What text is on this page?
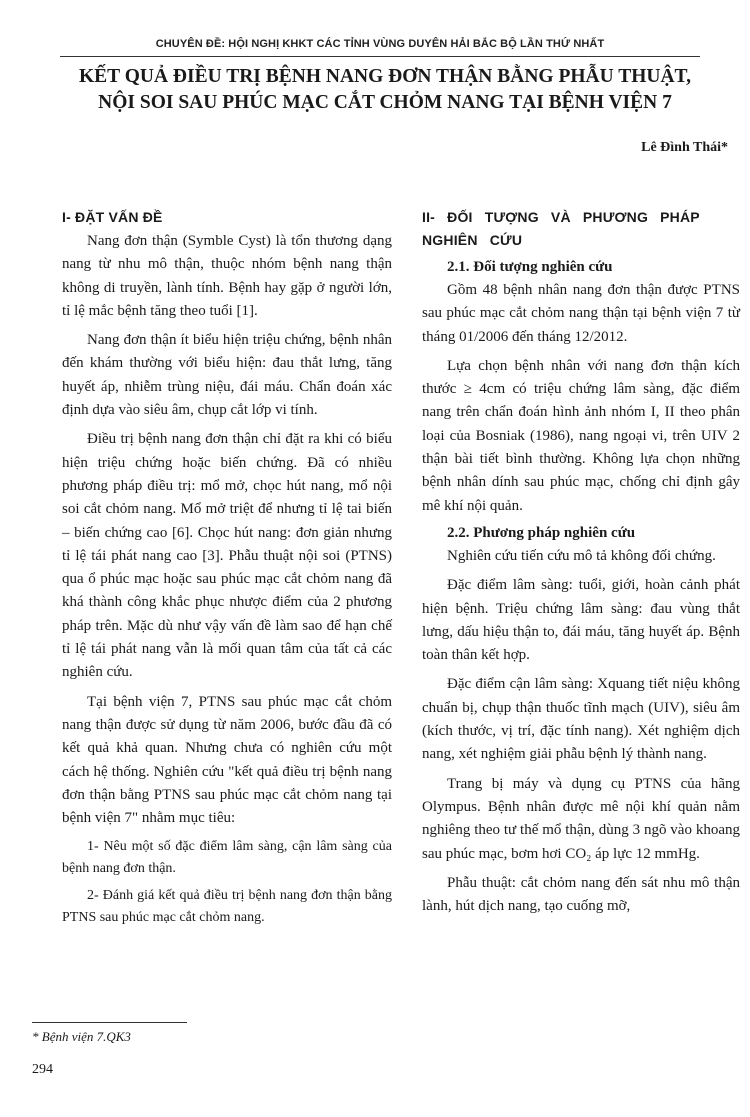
CHUYÊN ĐỀ: HỘI NGHỊ KHKT CÁC TỈNH VÙNG DUYÊN HẢI BẮC BỘ LẦN THỨ NHẤT
KẾT QUẢ ĐIỀU TRỊ BỆNH NANG ĐƠN THẬN BẰNG PHẪU THUẬT,
NỘI SOI SAU PHÚC MẠC CẮT CHỎM NANG TẠI BỆNH VIỆN 7
Lê Đình Thái*
I- ĐẶT VẤN ĐỀ

Nang đơn thận (Symble Cyst) là tổn thương dạng nang từ nhu mô thận, thuộc nhóm bệnh nang thận không di truyền, lành tính. Bệnh hay gặp ở người lớn, tỉ lệ mắc bệnh tăng theo tuổi [1].

Nang đơn thận ít biểu hiện triệu chứng, bệnh nhân đến khám thường với biểu hiện: đau thắt lưng, tăng huyết áp, nhiễm trùng niệu, đái máu. Chẩn đoán xác định dựa vào siêu âm, chụp cắt lớp vi tính.

Điều trị bệnh nang đơn thận chỉ đặt ra khi có biểu hiện triệu chứng hoặc biến chứng. Đã có nhiều phương pháp điều trị: mổ mở, chọc hút nang, mổ nội soi cắt chỏm nang. Mổ mở triệt để nhưng tỉ lệ tai biến – biến chứng cao [6]. Chọc hút nang: đơn giản nhưng tỉ lệ tái phát nang cao [3]. Phẫu thuật nội soi (PTNS) qua ổ phúc mạc hoặc sau phúc mạc cắt chỏm nang đã khá thành công khắc phục nhược điểm của 2 phương pháp trên. Mặc dù như vậy vấn đề làm sao để hạn chế tỉ lệ tái phát nang vẫn là mối quan tâm của tất cả các nghiên cứu.

Tại bệnh viện 7, PTNS sau phúc mạc cắt chỏm nang thận được sử dụng từ năm 2006, bước đầu đã có kết quả khả quan. Nhưng chưa có nghiên cứu một cách hệ thống. Nghiên cứu "kết quả điều trị bệnh nang đơn thận bằng PTNS sau phúc mạc cắt chỏm nang tại bệnh viện 7" nhằm mục tiêu:

1- Nêu một số đặc điểm lâm sàng, cận lâm sàng của bệnh nang đơn thận.

2- Đánh giá kết quả điều trị bệnh nang đơn thận bằng PTNS sau phúc mạc cắt chỏm nang.

II- ĐỐI TƯỢNG VÀ PHƯƠNG PHÁP NGHIÊN CỨU
2.1. Đối tượng nghiên cứu

Gồm 48 bệnh nhân nang đơn thận được PTNS sau phúc mạc cắt chỏm nang thận tại bệnh viện 7 từ tháng 01/2006 đến tháng 12/2012.

Lựa chọn bệnh nhân với nang đơn thận kích thước ≥ 4cm có triệu chứng lâm sàng, đặc điểm nang trên chẩn đoán hình ảnh nhóm I, II theo phân loại của Bosniak (1986), nang ngoại vi, trên UIV 2 thận bài tiết bình thường. Không lựa chọn những bệnh nhân dính sau phúc mạc, chống chỉ định gây mê khí nội quản.

2.2. Phương pháp nghiên cứu

Nghiên cứu tiến cứu mô tả không đối chứng.

Đặc điểm lâm sàng: tuổi, giới, hoàn cảnh phát hiện bệnh. Triệu chứng lâm sàng: đau vùng thắt lưng, dấu hiệu thận to, đái máu, tăng huyết áp. Bệnh toàn thân kết hợp.

Đặc điểm cận lâm sàng: Xquang tiết niệu không chuẩn bị, chụp thận thuốc tĩnh mạch (UIV), siêu âm (kích thước, vị trí, đặc tính nang). Xét nghiệm dịch nang, xét nghiệm giải phẫu bệnh lý thành nang.

Trang bị máy và dụng cụ PTNS của hãng Olympus. Bệnh nhân được mê nội khí quản nằm nghiêng theo tư thế mổ thận, dùng 3 ngõ vào khoang sau phúc mạc, bơm hơi CO₂ áp lực 12 mmHg.

Phẫu thuật: cắt chỏm nang đến sát nhu mô thận lành, hút dịch nang, tạo cuống mỡ,

* Bệnh viện 7.QK3
294
